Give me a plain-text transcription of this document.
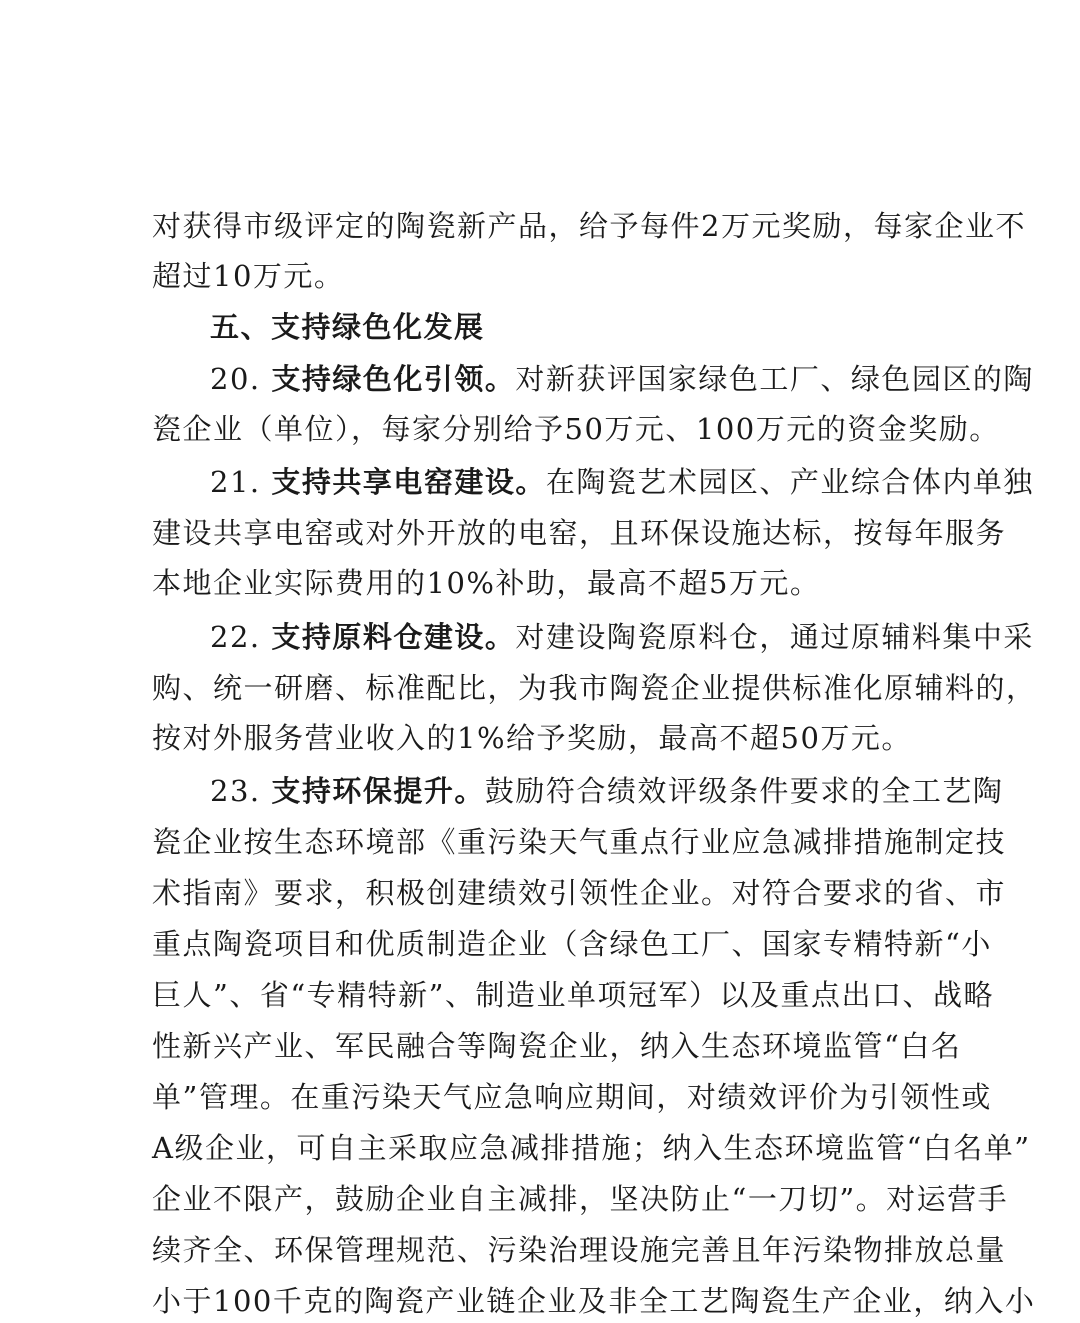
对获得市级评定的陶瓷新产品，给予每件2万元奖励，每家企业不
超过10万元。
五、支持绿色化发展
20. 支持绿色化引领。对新获评国家绿色工厂、绿色园区的陶
瓷企业（单位），每家分别给予50万元、100万元的资金奖励。
21. 支持共享电窑建设。在陶瓷艺术园区、产业综合体内单独
建设共享电窑或对外开放的电窑，且环保设施达标，按每年服务
本地企业实际费用的10%补助，最高不超5万元。
22. 支持原料仓建设。对建设陶瓷原料仓，通过原辅料集中采
购、统一研磨、标准配比，为我市陶瓷企业提供标准化原辅料的，
按对外服务营业收入的1%给予奖励，最高不超50万元。
23. 支持环保提升。鼓励符合绩效评级条件要求的全工艺陶
瓷企业按生态环境部《重污染天气重点行业应急减排措施制定技
术指南》要求，积极创建绩效引领性企业。对符合要求的省、市
重点陶瓷项目和优质制造企业（含绿色工厂、国家专精特新“小
巨人”、省“专精特新”、制造业单项冠军）以及重点出口、战略
性新兴产业、军民融合等陶瓷企业，纳入生态环境监管“白名
单”管理。在重污染天气应急响应期间，对绩效评价为引领性或
A级企业，可自主采取应急减排措施；纳入生态环境监管“白名单”
企业不限产，鼓励企业自主减排，坚决防止“一刀切”。对运营手
续齐全、环保管理规范、污染治理设施完善且年污染物排放总量
小于100千克的陶瓷产业链企业及非全工艺陶瓷生产企业，纳入小
